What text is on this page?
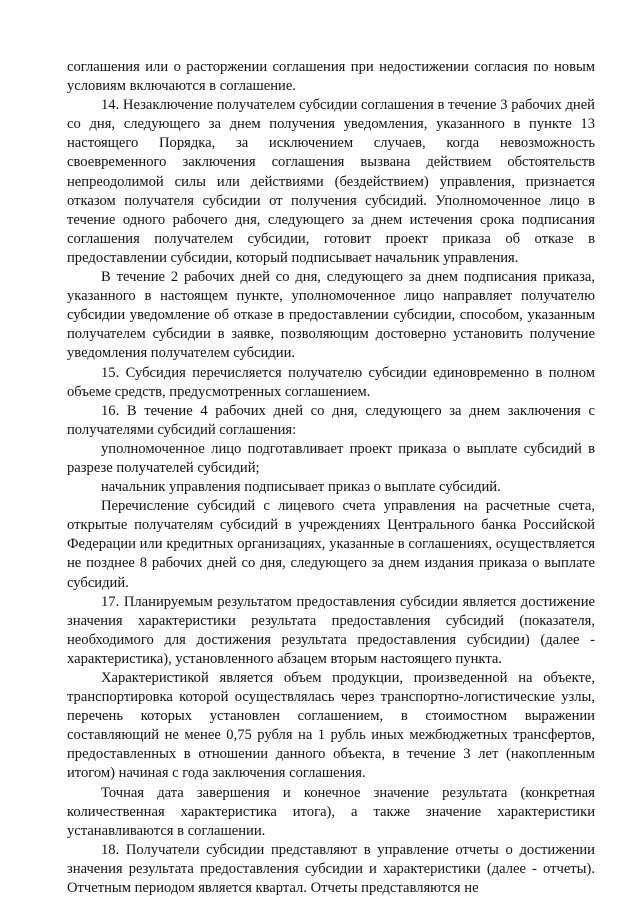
соглашения или о расторжении соглашения при недостижении согласия по новым условиям включаются в соглашение.

14. Незаключение получателем субсидии соглашения в течение 3 рабочих дней со дня, следующего за днем получения уведомления, указанного в пункте 13 настоящего Порядка, за исключением случаев, когда невозможность своевременного заключения соглашения вызвана действием обстоятельств непреодолимой силы или действиями (бездействием) управления, признается отказом получателя субсидии от получения субсидий. Уполномоченное лицо в течение одного рабочего дня, следующего за днем истечения срока подписания соглашения получателем субсидии, готовит проект приказа об отказе в предоставлении субсидии, который подписывает начальник управления.

В течение 2 рабочих дней со дня, следующего за днем подписания приказа, указанного в настоящем пункте, уполномоченное лицо направляет получателю субсидии уведомление об отказе в предоставлении субсидии, способом, указанным получателем субсидии в заявке, позволяющим достоверно установить получение уведомления получателем субсидии.

15. Субсидия перечисляется получателю субсидии единовременно в полном объеме средств, предусмотренных соглашением.

16. В течение 4 рабочих дней со дня, следующего за днем заключения с получателями субсидий соглашения:

уполномоченное лицо подготавливает проект приказа о выплате субсидий в разрезе получателей субсидий;

начальник управления подписывает приказ о выплате субсидий.

Перечисление субсидий с лицевого счета управления на расчетные счета, открытые получателям субсидий в учреждениях Центрального банка Российской Федерации или кредитных организациях, указанные в соглашениях, осуществляется не позднее 8 рабочих дней со дня, следующего за днем издания приказа о выплате субсидий.

17. Планируемым результатом предоставления субсидии является достижение значения характеристики результата предоставления субсидий (показателя, необходимого для достижения результата предоставления субсидии) (далее - характеристика), установленного абзацем вторым настоящего пункта.

Характеристикой является объем продукции, произведенной на объекте, транспортировка которой осуществлялась через транспортно-логистические узлы, перечень которых установлен соглашением, в стоимостном выражении составляющий не менее 0,75 рубля на 1 рубль иных межбюджетных трансфертов, предоставленных в отношении данного объекта, в течение 3 лет (накопленным итогом) начиная с года заключения соглашения.

Точная дата завершения и конечное значение результата (конкретная количественная характеристика итога), а также значение характеристики устанавливаются в соглашении.

18. Получатели субсидии представляют в управление отчеты о достижении значения результата предоставления субсидии и характеристики (далее - отчеты). Отчетным периодом является квартал. Отчеты представляются не
